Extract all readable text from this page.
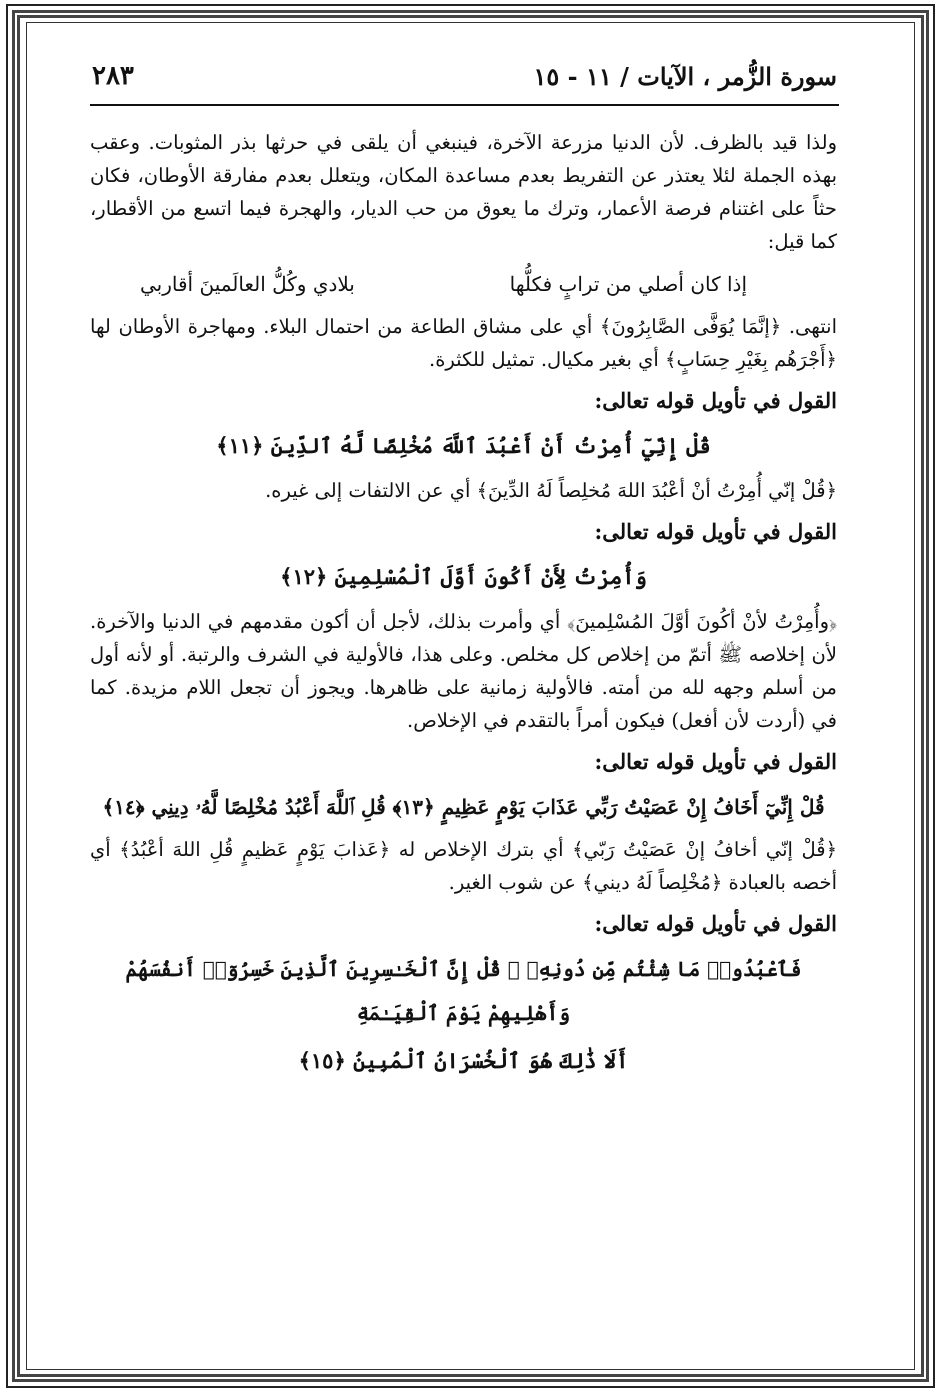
٢٨٣	سورة الزُّمر ، الآيات / ١١ - ١٥

ولذا قيد بالظرف. لأن الدنيا مزرعة الآخرة، فينبغي أن يلقى في حرثها بذر المثوبات. وعقب بهذه الجملة لئلا يعتذر عن التفريط بعدم مساعدة المكان، ويتعلل بعدم مفارقة الأوطان، فكان حثاً على اغتنام فرصة الأعمار، وترك ما يعوق من حب الديار، والهجرة فيما اتسع من الأقطار، كما قيل:

إذا كان أصلي من ترابٍ فكلُّها
بلادي وكُلُّ العالَمينَ أقاربي

انتهى. ﴿إنَّمَا يُوَفَّى الصَّابِرُونَ﴾ أي على مشاق الطاعة من احتمال البلاء. ومهاجرة الأوطان لها ﴿أَجْرَهُم بِغَيْرِ حِسَابٍ﴾ أي بغير مكيال. تمثيل للكثرة.

القول في تأويل قوله تعالى:
قُلْ إِنِّيٓ أُمِرْتُ أَنْ أَعْبُدَ ٱللَّهَ مُخْلِصًا لَّهُ ٱلدِّينَ ﴿١١﴾

﴿قُلْ إنّي أُمِرْتُ أنْ أعْبُدَ اللهَ مُخلِصاً لَهُ الدِّينَ﴾ أي عن الالتفات إلى غيره.

القول في تأويل قوله تعالى:
وَأُمِرْتُ لِأَنْ أَكُونَ أَوَّلَ ٱلْمُسْلِمِينَ ﴿١٢﴾

﴿وأُمِرْتُ لأنْ أكُونَ أوَّلَ المُسْلِمينَ﴾ أي وأمرت بذلك، لأجل أن أكون مقدمهم في الدنيا والآخرة. لأن إخلاصه ﷺ أتمّ من إخلاص كل مخلص. وعلى هذا، فالأولية في الشرف والرتبة. أو لأنه أول من أسلم وجهه لله من أمته. فالأولية زمانية على ظاهرها. ويجوز أن تجعل اللام مزيدة. كما في (أردت لأن أفعل) فيكون أمراً بالتقدم في الإخلاص.

القول في تأويل قوله تعالى:
قُلْ إِنِّيٓ أَخَافُ إِنْ عَصَيْتُ رَبِّي عَذَابَ يَوْمٍ عَظِيمٍ ﴿١٣﴾ قُلِ ٱللَّهَ أَعْبُدُ مُخْلِصًا لَّهُۥ دِينِي ﴿١٤﴾

﴿قُلْ إنّي أخافُ إنْ عَصَيْتُ رَبّي﴾ أي بترك الإخلاص له ﴿عَذابَ يَوْمٍ عَظيمٍ قُلِ اللهَ أعْبُدُ﴾ أي أخصه بالعبادة ﴿مُخْلِصاً لَهُ ديني﴾ عن شوب الغير.

القول في تأويل قوله تعالى:
فَٱعْبُدُوا۟ مَا شِئْتُم مِّن دُونِهِۦ ۗ قُلْ إِنَّ ٱلْخَـٰسِرِينَ ٱلَّذِينَ خَسِرُوٓا۟ أَنفُسَهُمْ وَأَهْلِيهِمْ يَوْمَ ٱلْقِيَـٰمَةِ
أَلَا ذَٰلِكَ هُوَ ٱلْخُسْرَانُ ٱلْمُبِينُ ﴿١٥﴾
